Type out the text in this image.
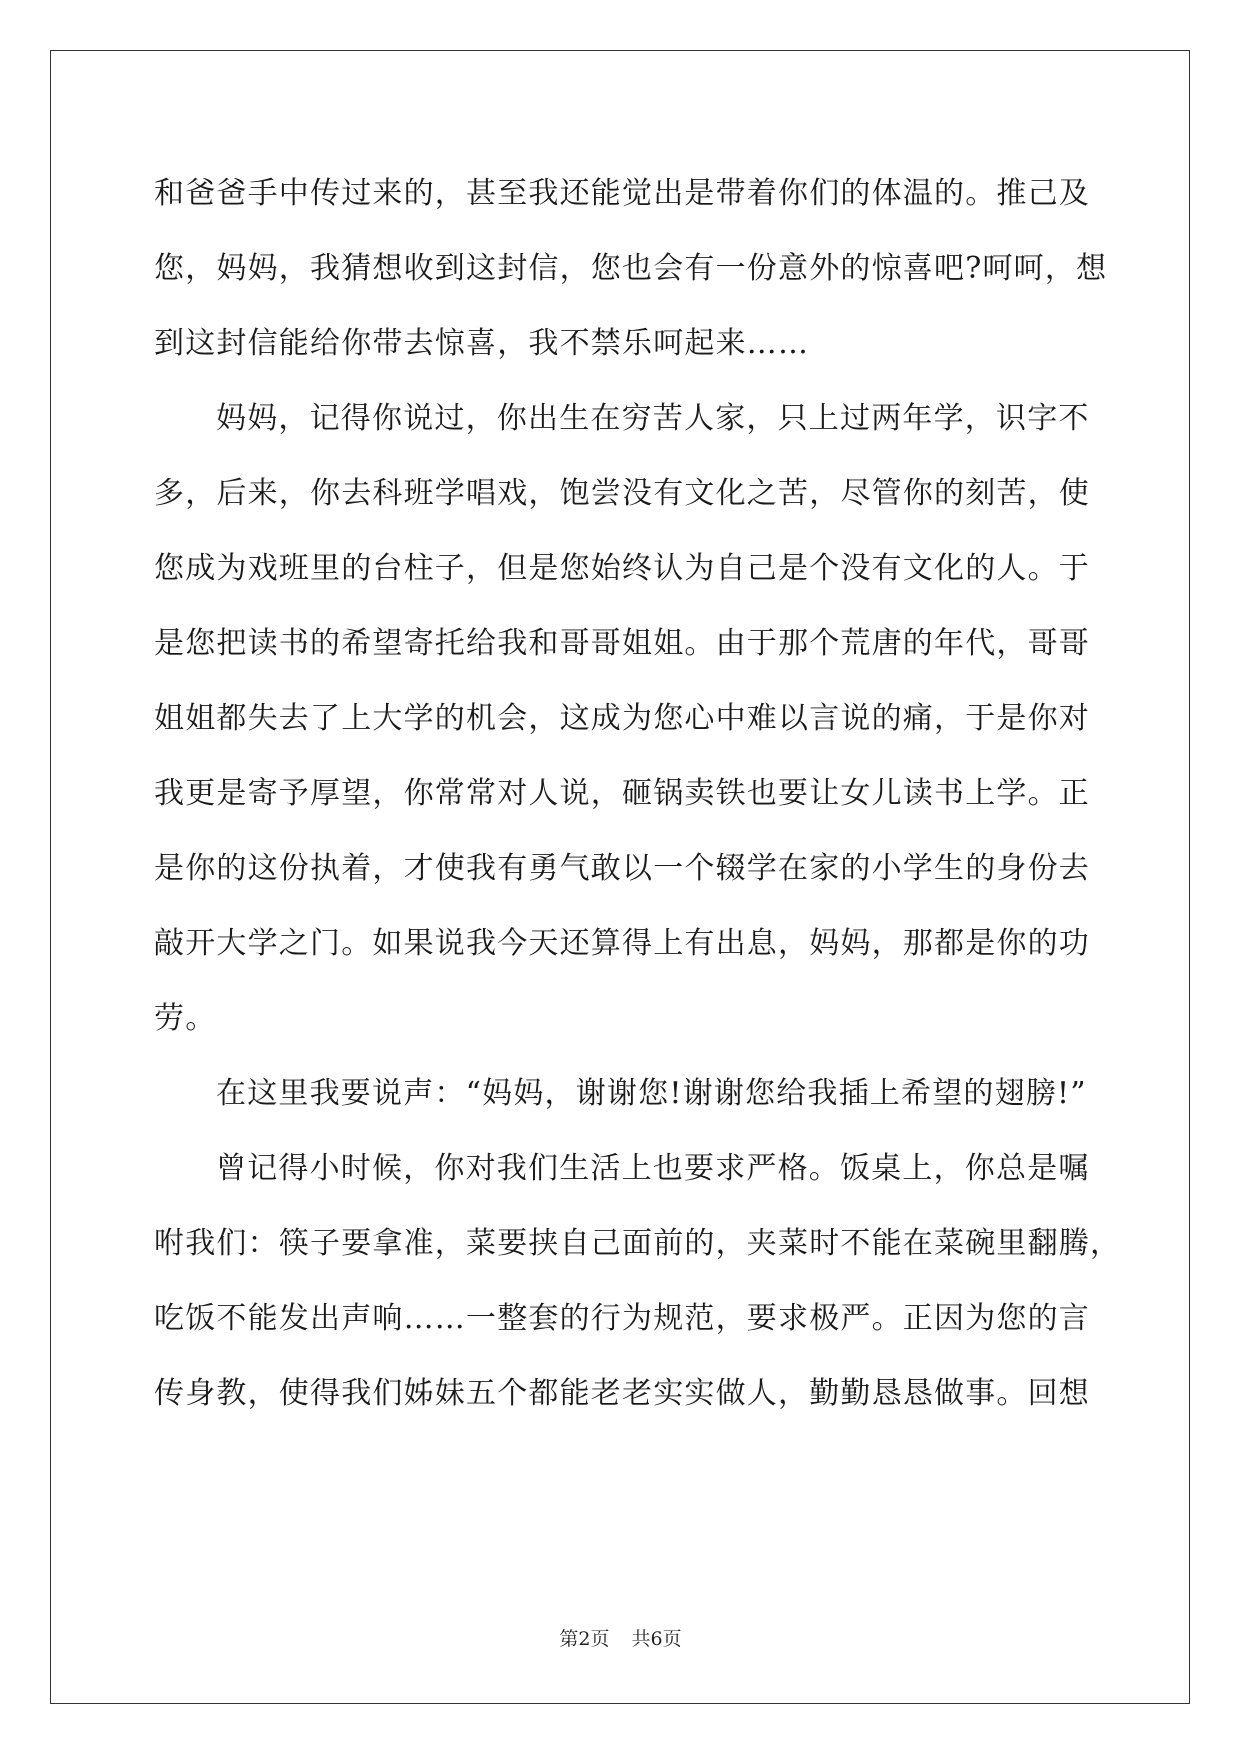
和爸爸手中传过来的，甚至我还能觉出是带着你们的体温的。推己及
您，妈妈，我猜想收到这封信，您也会有一份意外的惊喜吧?呵呵，想
到这封信能给你带去惊喜，我不禁乐呵起来……
妈妈，记得你说过，你出生在穷苦人家，只上过两年学，识字不
多，后来，你去科班学唱戏，饱尝没有文化之苦，尽管你的刻苦，使
您成为戏班里的台柱子，但是您始终认为自己是个没有文化的人。于
是您把读书的希望寄托给我和哥哥姐姐。由于那个荒唐的年代，哥哥
姐姐都失去了上大学的机会，这成为您心中难以言说的痛，于是你对
我更是寄予厚望，你常常对人说，砸锅卖铁也要让女儿读书上学。正
是你的这份执着，才使我有勇气敢以一个辍学在家的小学生的身份去
敲开大学之门。如果说我今天还算得上有出息，妈妈，那都是你的功
劳。
在这里我要说声：“妈妈，谢谢您!谢谢您给我插上希望的翅膀!”
曾记得小时候，你对我们生活上也要求严格。饭桌上，你总是嘱
咐我们：筷子要拿准，菜要挟自己面前的，夹菜时不能在菜碗里翻腾，
吃饭不能发出声响……一整套的行为规范，要求极严。正因为您的言
传身教，使得我们姊妹五个都能老老实实做人，勤勤恳恳做事。回想
第2页 共6页
